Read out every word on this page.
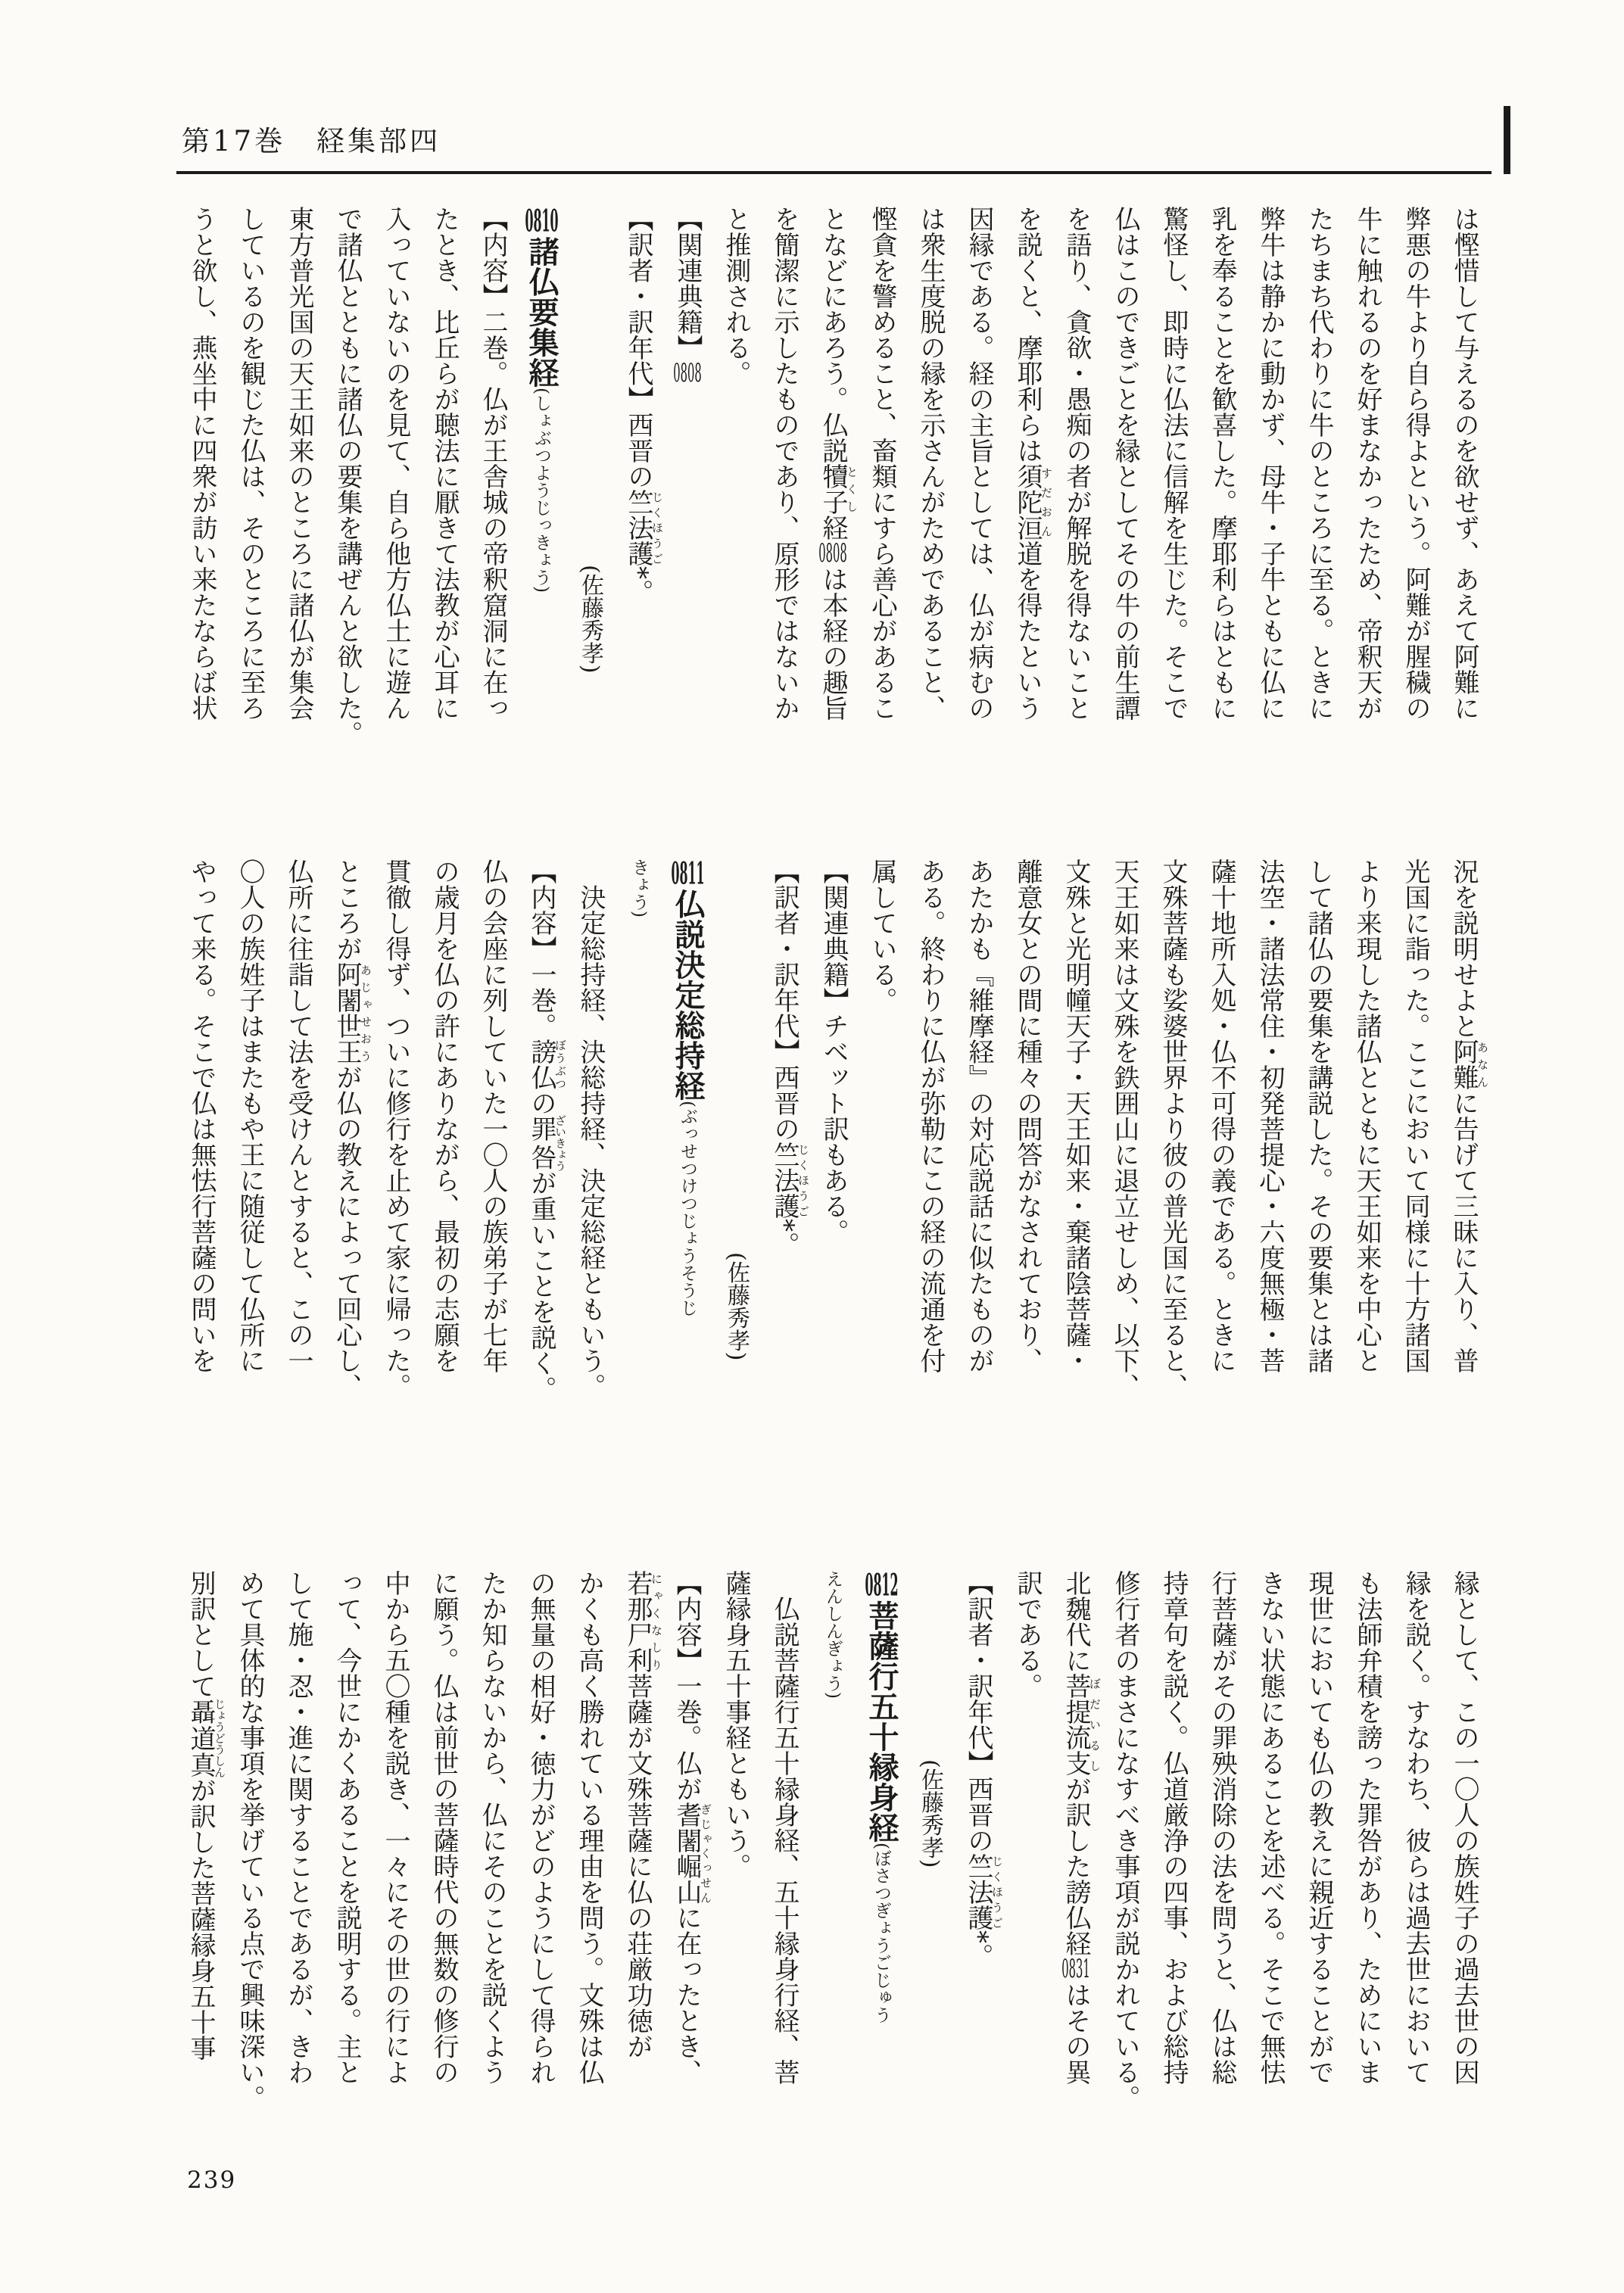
第17巻　経集部四

は慳惜して与えるのを欲せず、あえて阿難に

弊悪の牛より自ら得よという。阿難が腥穢の

牛に触れるのを好まなかったため、帝釈天が

たちまち代わりに牛のところに至る。ときに

弊牛は静かに動かず、母牛・子牛ともに仏に

乳を奉ることを歓喜した。摩耶利らはともに

驚怪し、即時に仏法に信解を生じた。そこで

仏はこのできごとを縁としてその牛の前生譚

を語り、貪欲・愚痴の者が解脱を得ないこと

を説くと、摩耶利らは須陀洹すだおん道を得たという

因縁である。経の主旨としては、仏が病むの

は衆生度脱の縁を示さんがためであること、

慳貪を警めること、畜類にすら善心があるこ

となどにあろう。仏説犢子とくし経0808は本経の趣旨

を簡潔に示したものであり、原形ではないか

と推測される。

【関連典籍】0808

【訳者・訳年代】西晋の竺法護じくほうご*。

(佐藤秀孝)

0810諸仏要集経(しょぶつようじっきょう)

【内容】二巻。仏が王舎城の帝釈窟洞に在っ

たとき、比丘らが聴法に厭きて法教が心耳に

入っていないのを見て、自ら他方仏土に遊ん

で諸仏とともに諸仏の要集を講ぜんと欲した。

東方普光国の天王如来のところに諸仏が集会

しているのを観じた仏は、そのところに至ろ

うと欲し、燕坐中に四衆が訪い来たならば状

況を説明せよと阿難あなんに告げて三昧に入り、普

光国に詣った。ここにおいて同様に十方諸国

より来現した諸仏とともに天王如来を中心と

して諸仏の要集を講説した。その要集とは諸

法空・諸法常住・初発菩提心・六度無極・菩

薩十地所入処・仏不可得の義である。ときに

文殊菩薩も娑婆世界より彼の普光国に至ると、

天王如来は文殊を鉄囲山に退立せしめ、以下、

文殊と光明幢天子・天王如来・棄諸陰菩薩・

離意女との間に種々の問答がなされており、

あたかも『維摩経』の対応説話に似たものが

ある。終わりに仏が弥勒にこの経の流通を付

属している。

【関連典籍】チベット訳もある。

【訳者・訳年代】西晋の竺法護じくほうご*。

(佐藤秀孝)

0811仏説決定総持経(ぶっせつけつじょうそうじ

きょう)

決定総持経、決総持経、決定総経ともいう。

【内容】一巻。謗仏ぼうぶつの罪咎ざいきょうが重いことを説く。

仏の会座に列していた一〇人の族弟子が七年

の歳月を仏の許にありながら、最初の志願を

貫徹し得ず、ついに修行を止めて家に帰った。

ところが阿闍世王あじゃせおうが仏の教えによって回心し、

仏所に往詣して法を受けんとすると、この一

〇人の族姓子はまたもや王に随従して仏所に

やって来る。そこで仏は無怯行菩薩の問いを

縁として、この一〇人の族姓子の過去世の因

縁を説く。すなわち、彼らは過去世において

も法師弁積を謗った罪咎があり、ためにいま

現世においても仏の教えに親近することがで

きない状態にあることを述べる。そこで無怯

行菩薩がその罪殃消除の法を問うと、仏は総

持章句を説く。仏道厳浄の四事、および総持

修行者のまさになすべき事項が説かれている。

北魏代に菩提流支ぼだいるしが訳した謗仏経0831はその異

訳である。

【訳者・訳年代】西晋の竺法護じくほうご*。

(佐藤秀孝)

0812菩薩行五十縁身経(ぼさつぎょうごじゅう

えんしんぎょう)

仏説菩薩行五十縁身経、五十縁身行経、菩

薩縁身五十事経ともいう。

【内容】一巻。仏が耆闍崛山ぎじゃくっせんに在ったとき、

若那尸利にゃくなしり菩薩が文殊菩薩に仏の荘厳功徳が

かくも高く勝れている理由を問う。文殊は仏

の無量の相好・徳力がどのようにして得られ

たか知らないから、仏にそのことを説くよう

に願う。仏は前世の菩薩時代の無数の修行の

中から五〇種を説き、一々にその世の行によ

って、今世にかくあることを説明する。主と

して施・忍・進に関することであるが、きわ

めて具体的な事項を挙げている点で興味深い。

別訳として聶道真じょうどうしんが訳した菩薩縁身五十事

239
